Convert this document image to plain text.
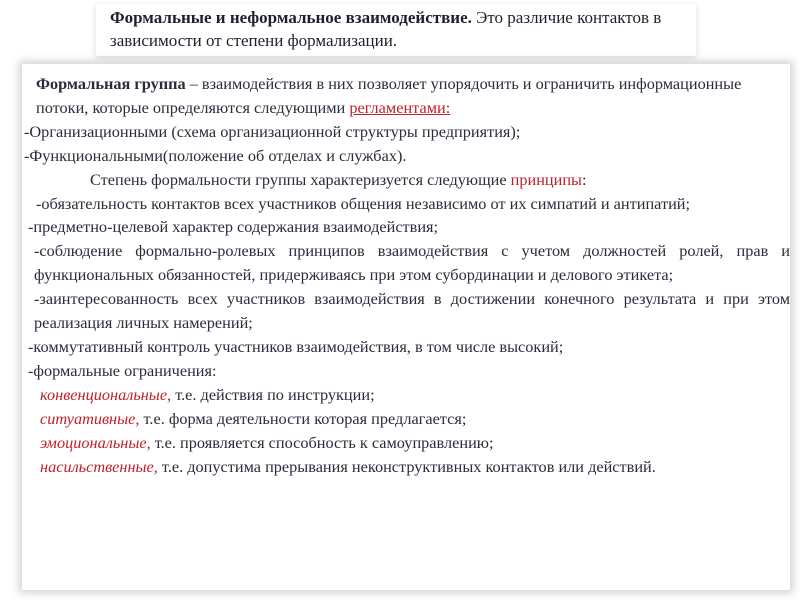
Формальные и неформальное взаимодействие. Это различие контактов в зависимости от степени формализации.

Формальная группа – взаимодействия в них позволяет упорядочить и ограничить информационные потоки, которые определяются следующими регламентами:

-Организационными (схема организационной структуры предприятия);

-Функциональными(положение об отделах и службах).

Степень формальности группы характеризуется следующие принципы:

-обязательность контактов всех участников общения независимо от их симпатий и антипатий;

-предметно-целевой характер содержания взаимодействия;

-соблюдение формально-ролевых принципов взаимодействия с учетом должностей ролей, прав и функциональных обязанностей, придерживаясь при этом субординации и делового этикета;

-заинтересованность всех участников взаимодействия в достижении конечного результата и при этом реализация личных намерений;

-коммутативный контроль участников взаимодействия, в том числе высокий;

-формальные ограничения:

конвенциональные, т.е. действия по инструкции;

ситуативные, т.е. форма деятельности которая предлагается;

эмоциональные, т.е. проявляется способность к самоуправлению;

насильственные, т.е. допустима прерывания неконструктивных контактов или действий.
